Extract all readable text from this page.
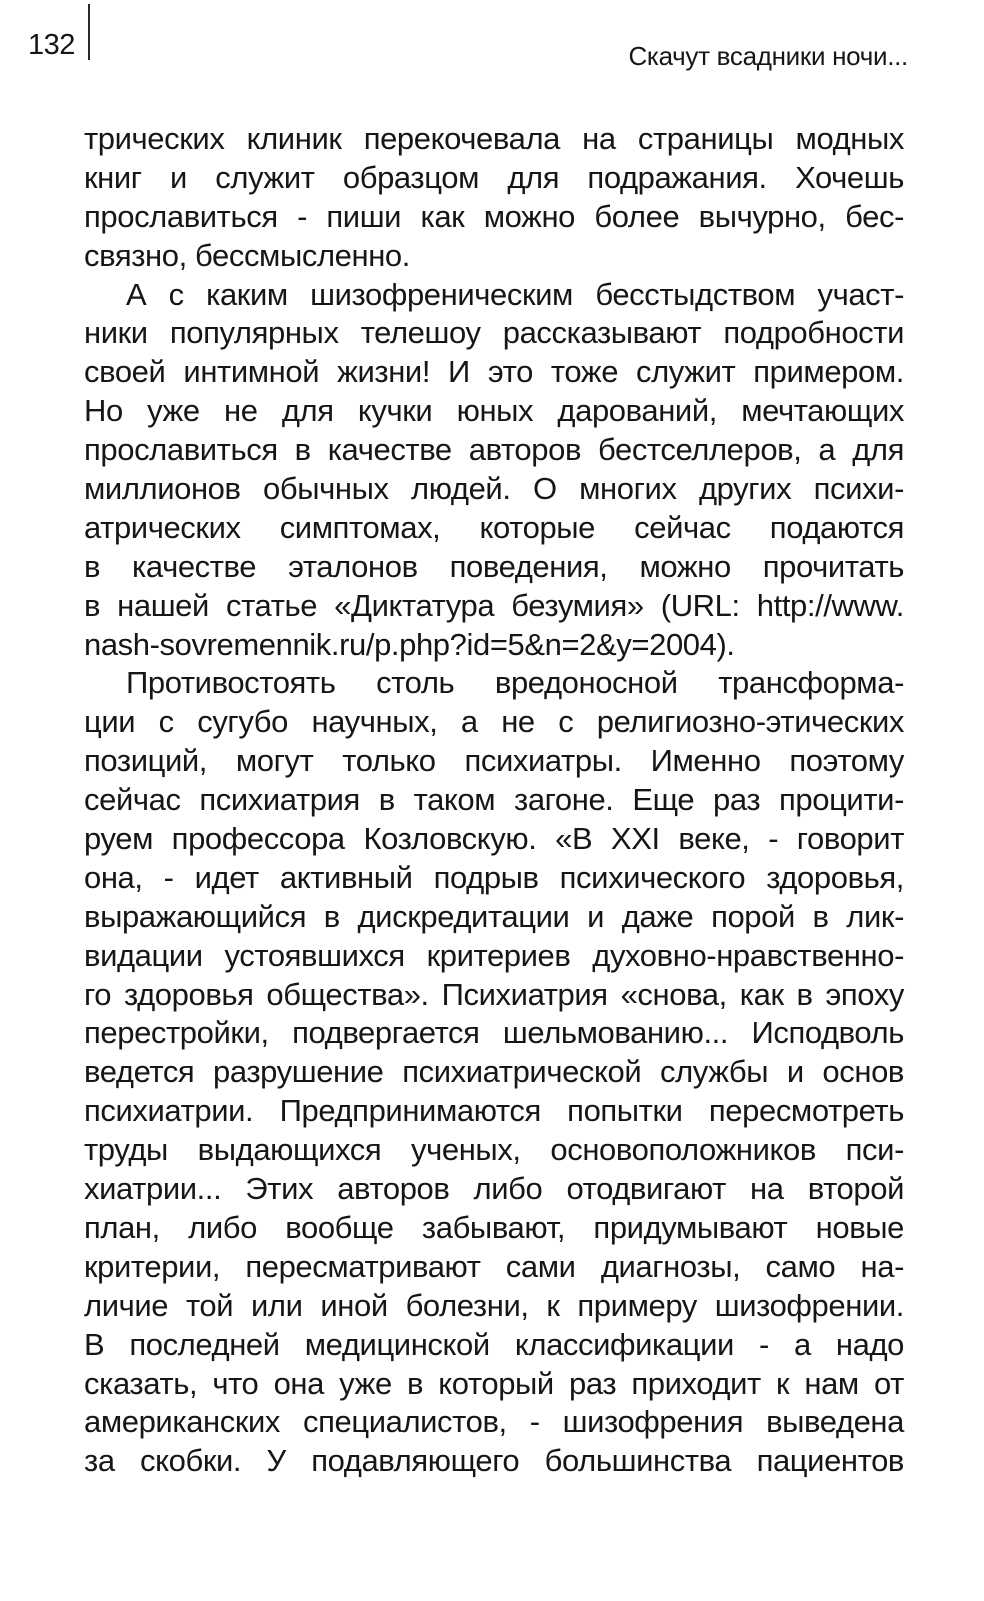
132	Скачут всадники ночи...
трических клиник перекочевала на страницы модных
книг и служит образцом для подражания. Хочешь
прославиться - пиши как можно более вычурно, бес-
связно, бессмысленно.
А с каким шизофреническим бесстыдством участ-
ники популярных телешоу рассказывают подробности
своей интимной жизни! И это тоже служит примером.
Но уже не для кучки юных дарований, мечтающих
прославиться в качестве авторов бестселлеров, а для
миллионов обычных людей. О многих других психи-
атрических симптомах, которые сейчас подаются
в качестве эталонов поведения, можно прочитать
в нашей статье «Диктатура безумия» (URL: http://www.
nash-sovremennik.ru/p.php?id=5&n=2&y=2004).
Противостоять столь вредоносной трансформа-
ции с сугубо научных, а не с религиозно-этических
позиций, могут только психиатры. Именно поэтому
сейчас психиатрия в таком загоне. Еще раз процити-
руем профессора Козловскую. «В XXI веке, - говорит
она, - идет активный подрыв психического здоровья,
выражающийся в дискредитации и даже порой в лик-
видации устоявшихся критериев духовно-нравственно-
го здоровья общества». Психиатрия «снова, как в эпоху
перестройки, подвергается шельмованию... Исподволь
ведется разрушение психиатрической службы и основ
психиатрии. Предпринимаются попытки пересмотреть
труды выдающихся ученых, основоположников пси-
хиатрии... Этих авторов либо отодвигают на второй
план, либо вообще забывают, придумывают новые
критерии, пересматривают сами диагнозы, само на-
личие той или иной болезни, к примеру шизофрении.
В последней медицинской классификации - а надо
сказать, что она уже в который раз приходит к нам от
американских специалистов, - шизофрения выведена
за скобки. У подавляющего большинства пациентов
